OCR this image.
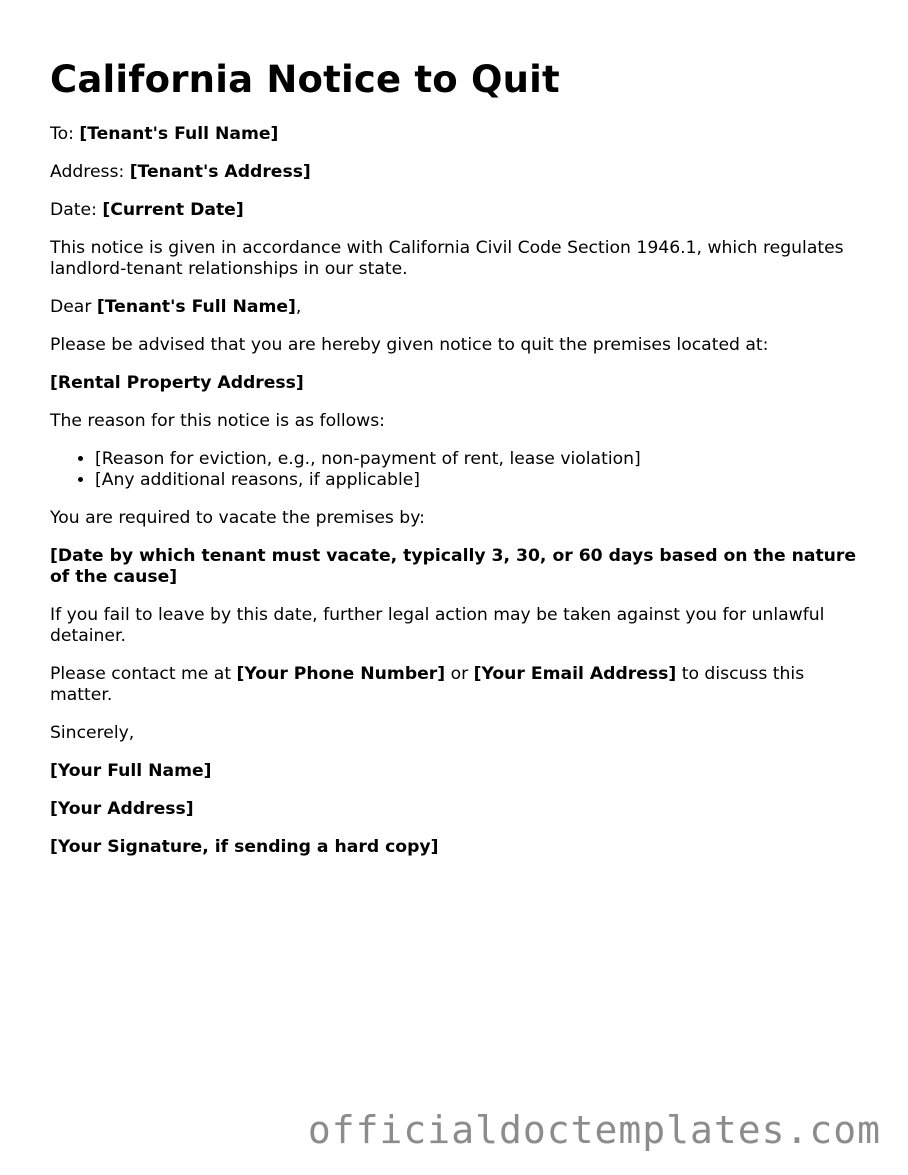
California Notice to Quit

To: [Tenant's Full Name]

Address: [Tenant's Address]

Date: [Current Date]

This notice is given in accordance with California Civil Code Section 1946.1, which regulates landlord-tenant relationships in our state.

Dear [Tenant's Full Name],

Please be advised that you are hereby given notice to quit the premises located at:

[Rental Property Address]

The reason for this notice is as follows:

• [Reason for eviction, e.g., non-payment of rent, lease violation]
• [Any additional reasons, if applicable]

You are required to vacate the premises by:

[Date by which tenant must vacate, typically 3, 30, or 60 days based on the nature of the cause]

If you fail to leave by this date, further legal action may be taken against you for unlawful detainer.

Please contact me at [Your Phone Number] or [Your Email Address] to discuss this matter.

Sincerely,

[Your Full Name]

[Your Address]

[Your Signature, if sending a hard copy]

officialdoctemplates.com
